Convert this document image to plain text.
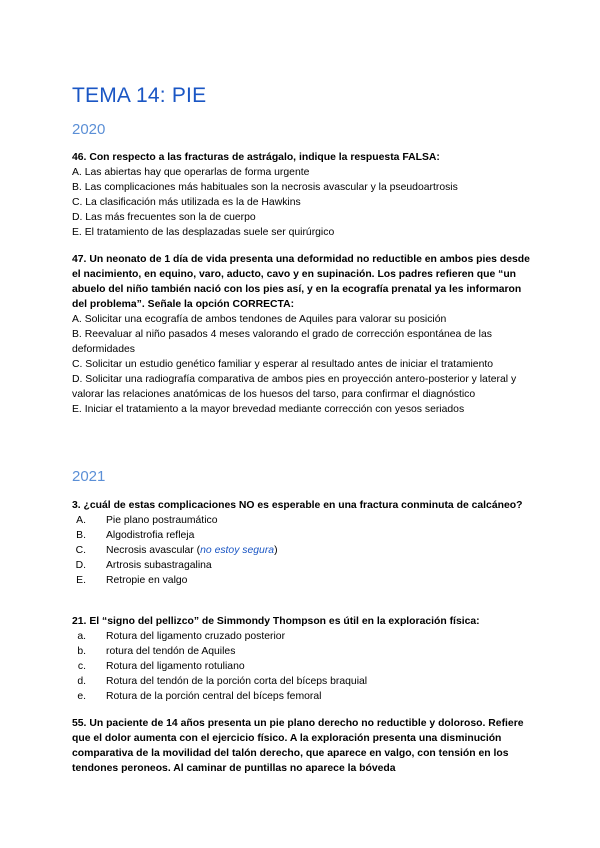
TEMA 14: PIE
2020

46. Con respecto a las fracturas de astrágalo, indique la respuesta FALSA:

A. Las abiertas hay que operarlas de forma urgente

B. Las complicaciones más habituales son la necrosis avascular y la pseudoartrosis

C. La clasificación más utilizada es la de Hawkins

D. Las más frecuentes son la de cuerpo

E. El tratamiento de las desplazadas suele ser quirúrgico

47. Un neonato de 1 día de vida presenta una deformidad no reductible en ambos pies desde el nacimiento, en equino, varo, aducto, cavo y en supinación. Los padres refieren que “un abuelo del niño también nació con los pies así, y en la ecografía prenatal ya les informaron del problema”. Señale la opción CORRECTA:

A. Solicitar una ecografía de ambos tendones de Aquiles para valorar su posición

B. Reevaluar al niño pasados 4 meses valorando el grado de corrección espontánea de las deformidades

C. Solicitar un estudio genético familiar y esperar al resultado antes de iniciar el tratamiento

D. Solicitar una radiografía comparativa de ambos pies en proyección antero-posterior y lateral y valorar las relaciones anatómicas de los huesos del tarso, para confirmar el diagnóstico

E. Iniciar el tratamiento a la mayor brevedad mediante corrección con yesos seriados

2021

3. ¿cuál de estas complicaciones NO es esperable en una fractura conminuta de calcáneo?

A. Pie plano postraumático
B. Algodistrofia refleja
C. Necrosis avascular (no estoy segura)
D. Artrosis subastragalina
E. Retropie en valgo

21. El “signo del pellizco” de Simmondy Thompson es útil en la exploración física:

a. Rotura del ligamento cruzado posterior
b. rotura del tendón de Aquiles
c. Rotura del ligamento rotuliano
d. Rotura del tendón de la porción corta del bíceps braquial
e. Rotura de la porción central del bíceps femoral

55. Un paciente de 14 años presenta un pie plano derecho no reductible y doloroso. Refiere que el dolor aumenta con el ejercicio físico. A la exploración presenta una disminución comparativa de la movilidad del talón derecho, que aparece en valgo, con tensión en los tendones peroneos. Al caminar de puntillas no aparece la bóveda
